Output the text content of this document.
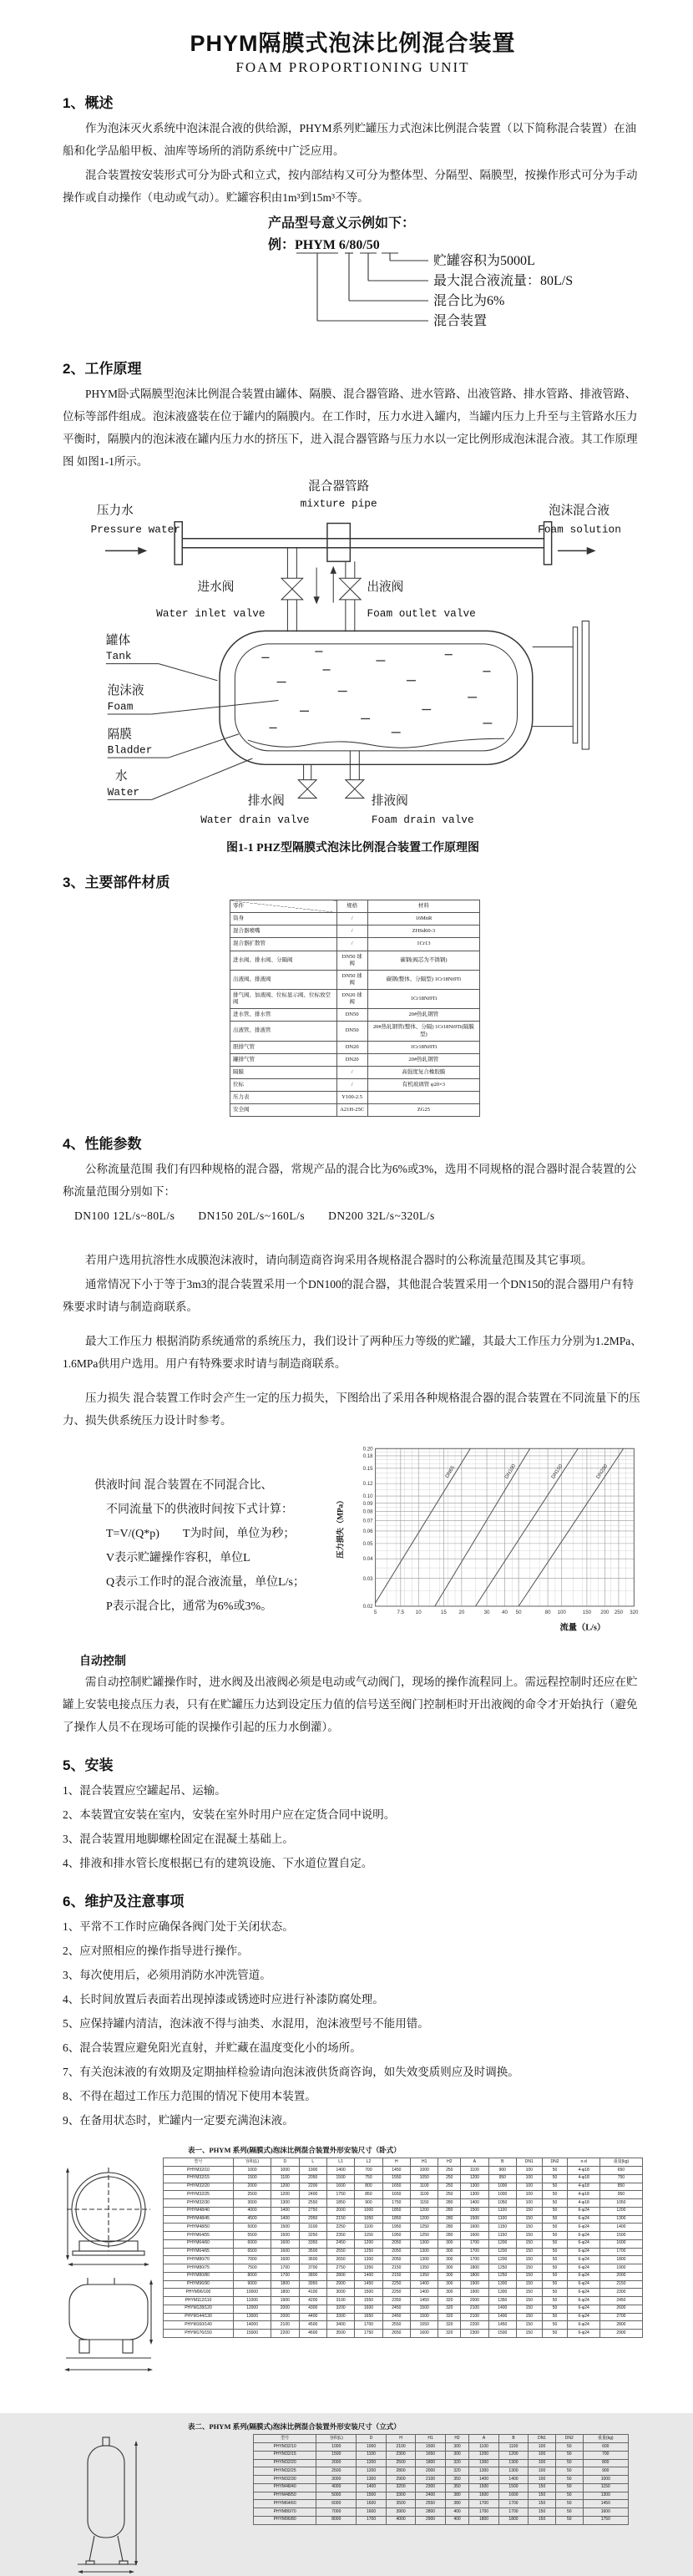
PHYM隔膜式泡沫比例混合装置
FOAM PROPORTIONING UNIT
1、概述

作为泡沫灭火系统中泡沫混合液的供给源，PHYM系列贮罐压力式泡沫比例混合装置（以下简称混合装置）在油船和化学品船甲板、油库等场所的消防系统中广泛应用。

混合装置按安装形式可分为卧式和立式，按内部结构又可分为整体型、分隔型、隔膜型，按操作形式可分为手动操作或自动操作（电动或气动）。贮罐容积由1m³到15m³不等。

产品型号意义示例如下：
例：PHYM 6/80/50
贮罐容积为5000L
最大混合液流量：80L/S
混合比为6%
混合装置
2、工作原理

PHYM卧式隔膜型泡沫比例混合装置由罐体、隔膜、混合器管路、进水管路、出液管路、排水管路、排液管路、位标等部件组成。泡沫液盛装在位于罐内的隔膜内。在工作时，压力水进入罐内，当罐内压力上升至与主管路水压力平衡时，隔膜内的泡沫液在罐内压力水的挤压下，进入混合器管路与压力水以一定比例形成泡沫混合液。其工作原理图 如图1-1所示。

压力水
Pressure water
混合器管路
mixture pipe
泡沫混合液
Foam solution
进水阀
Water inlet valve
出液阀
Foam outlet valve
罐体
Tank
泡沫液
Foam
隔膜
Bladder
水
Water
排水阀
Water drain valve
排液阀
Foam drain valve
图1-1 PHZ型隔膜式泡沫比例混合装置工作原理图
3、主要部件材质
零件	规格	材料
筒身	/	16MnR
混合器喷嘴	/	ZHSd60-3
混合器扩散管	/	1Cr13
进水阀、排水阀、分隔阀	DN50 球阀	碳钢(阀芯为不锈钢)
出液阀、排液阀	DN50 球阀	碳钢(整体、分隔型) 1Cr18Ni9Ti
排气阀、加液阀、位标显示阀、位标放空阀	DN20 球阀	1Cr18Ni9Ti
进水管、排水管	DN50	20#热轧钢管
出液管、排液管	DN50	20#热轧钢管(整体、分隔) 1Cr18Ni9Ti(隔膜型)
胆排气管	DN20	1Cr18Ni9Ti
罐排气管	DN20	20#热轧钢管
隔膜	/	高强度复合橡胶膜
位标	/	有机玻璃管 φ20×3
压力表	Y100-2.5	
安全阀	A21H-25C	ZG25
4、性能参数

公称流量范围 我们有四种规格的混合器，常规产品的混合比为6%或3%，选用不同规格的混合器时混合装置的公称流量范围分别如下：

DN100 12L/s~80L/s　　DN150 20L/s~160L/s　　DN200 32L/s~320L/s

若用户选用抗溶性水成膜泡沫液时，请向制造商咨询采用各规格混合器时的公称流量范围及其它事项。

通常情况下小于等于3m3的混合装置采用一个DN100的混合器，其他混合装置采用一个DN150的混合器用户有特殊要求时请与制造商联系。

最大工作压力 根据消防系统通常的系统压力，我们设计了两种压力等级的贮罐，其最大工作压力分别为1.2MPa、1.6MPa供用户选用。用户有特殊要求时请与制造商联系。

压力损失 混合装置工作时会产生一定的压力损失，下图给出了采用各种规格混合器的混合装置在不同流量下的压力、损失供系统压力设计时参考。

供液时间 混合装置在不同混合比、
不同流量下的供液时间按下式计算：
T=V/(Q*p)　　T为时间，单位为秒；
V表示贮罐操作容积，单位L
Q表示工作时的混合液流量，单位L/s；
P表示混合比，通常为6%或3%。	5	7.5 10	15 20	30 40 50	80 100	150 200 250 320
0.02
0.03
0.04
0.05
0.06
0.07
0.08
0.09
0.10
0.12
0.15
0.18
0.20
DN65	DN100	DN150	DN200
压力损失（MPa）
流量（L/s）
自动控制

需自动控制贮罐操作时，进水阀及出液阀必须是电动或气动阀门，现场的操作流程同上。需远程控制时还应在贮罐上安装电接点压力表，只有在贮罐压力达到设定压力值的信号送至阀门控制柜时开出液阀的命令才开始执行（避免了操作人员不在现场可能的误操作引起的压力水倒灌）。

5、安装

1、混合装置应空罐起吊、运输。

2、本装置宜安装在室内，安装在室外时用户应在定货合同中说明。

3、混合装置用地脚螺栓固定在混凝土基础上。

4、排液和排水管长度根据已有的建筑设施、下水道位置自定。

6、维护及注意事项

1、平常不工作时应确保各阀门处于关闭状态。

2、应对照相应的操作指导进行操作。

3、每次使用后，必须用消防水冲洗管道。

4、长时间放置后表面若出现掉漆或锈迹时应进行补漆防腐处理。

5、应保持罐内清洁，泡沫液不得与油类、水混用，泡沫液型号不能用错。

6、混合装置应避免阳光直射，并贮藏在温度变化小的场所。

7、有关泡沫液的有效期及定期抽样检验请向泡沫液供货商咨询，如失效变质则应及时调换。

8、不得在超过工作压力范围的情况下使用本装置。

9、在备用状态时，贮罐内一定要充满泡沫液。

表一、PHYM 系列(隔膜式)泡沫比例混合装置外形安装尺寸（卧式）
型号	容积(L)	D	L	L1	L2	H	H1	H2	A	B	DN1	DN2	n-d	重量(kg)
PHYM32/10	1000	1000	1900	1400	700	1450	1000	250	1100	900	100	50	4-φ18	650
PHYM32/15	1500	1100	2050	1500	750	1550	1050	250	1200	950	100	50	4-φ18	750
PHYM32/20	2000	1200	2200	1600	800	1650	1100	250	1300	1000	100	50	4-φ18	850
PHYM32/25	2500	1200	2400	1750	850	1650	1100	250	1300	1000	100	50	4-φ18	950
PHYM32/30	3000	1300	2550	1850	900	1750	1150	280	1400	1050	100	50	4-φ18	1050
PHYM48/40	4000	1400	2750	2000	1000	1850	1200	280	1500	1100	150	50	6-φ24	1200
PHYM48/45	4500	1400	2950	2150	1050	1850	1200	280	1500	1100	150	50	6-φ24	1300
PHYM48/50	5000	1500	3100	2250	1100	1950	1250	280	1600	1150	150	50	6-φ24	1400
PHYM64/55	5500	1500	3250	2350	1150	1950	1250	280	1600	1150	150	50	6-φ24	1500
PHYM64/60	6000	1600	3350	2450	1200	2050	1300	300	1700	1200	150	50	6-φ24	1600
PHYM64/65	6500	1600	3500	2550	1250	2050	1300	300	1700	1200	150	50	6-φ24	1700
PHYM80/70	7000	1600	3600	2650	1300	2050	1300	300	1700	1200	150	50	6-φ24	1800
PHYM80/75	7500	1700	3700	2750	1350	2150	1350	300	1800	1250	150	50	6-φ24	1900
PHYM80/80	8000	1700	3800	2800	1400	2150	1350	300	1800	1250	150	50	6-φ24	2000
PHYM96/90	9000	1800	3950	2900	1450	2250	1400	300	1900	1300	150	50	6-φ24	2150
PHYM96/100	10000	1800	4100	3000	1500	2250	1400	300	1900	1300	150	50	6-φ24	2300
PHYM112/110	11000	1900	4200	3100	1550	2350	1450	320	2000	1350	150	50	6-φ24	2450
PHYM128/120	12000	2000	4300	3200	1600	2450	1500	320	2100	1400	150	50	6-φ24	2600
PHYM144/130	13000	2000	4400	3300	1650	2450	1500	320	2100	1400	150	50	6-φ24	2700
PHYM160/140	14000	2100	4500	3400	1700	2550	1550	320	2200	1450	150	50	6-φ24	2800
PHYM176/150	15000	2200	4600	3500	1750	2650	1600	320	2300	1500	150	50	6-φ24	2900
表二、PHYM 系列(隔膜式)泡沫比例混合装置外形安装尺寸（立式）
型号	容积(L)	D	H	H1	H2	A	B	DN1	DN2	重量(kg)
PHYM32/10	1000	1000	2100	1500	300	1100	1100	100	50	600
PHYM32/15	1500	1100	2300	1650	300	1200	1200	100	50	700
PHYM32/20	2000	1200	2500	1800	320	1300	1300	100	50	800
PHYM32/25	2500	1200	2800	2000	320	1300	1300	100	50	900
PHYM32/30	3000	1300	2900	2100	350	1400	1400	100	50	1000
PHYM48/40	4000	1400	3200	2300	350	1500	1500	150	50	1150
PHYM48/50	5000	1500	3300	2400	380	1600	1600	150	50	1300
PHYM64/60	6000	1600	3500	2550	380	1700	1700	150	50	1450
PHYM80/70	7000	1600	3900	2800	400	1700	1700	150	50	1600
PHYM96/80	8000	1700	4000	2900	400	1800	1800	150	50	1750
